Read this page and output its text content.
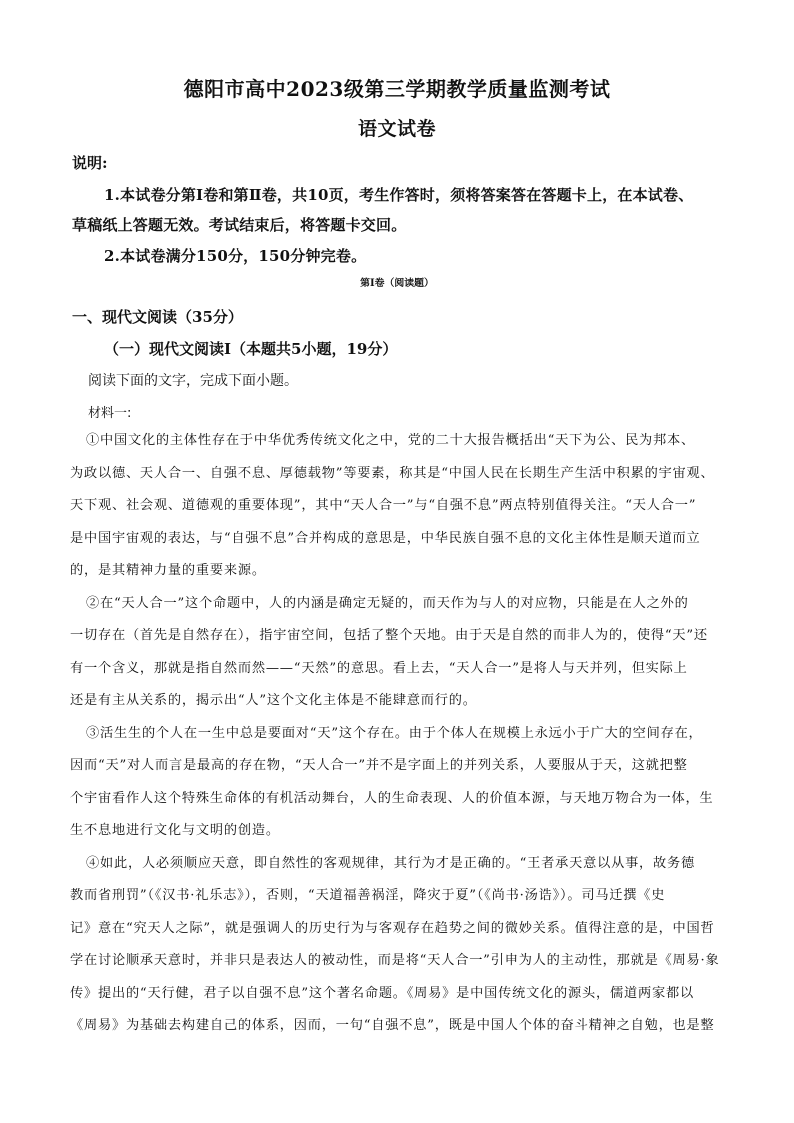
德阳市高中2023级第三学期教学质量监测考试
语文试卷
说明:
1.本试卷分第Ⅰ卷和第Ⅱ卷，共10页，考生作答时，须将答案答在答题卡上，在本试卷、
草稿纸上答题无效。考试结束后，将答题卡交回。
2.本试卷满分150分，150分钟完卷。
第Ⅰ卷（阅读题）
一、现代文阅读（35分）
（一）现代文阅读Ⅰ（本题共5小题，19分）
阅读下面的文字，完成下面小题。
材料一:
①中国文化的主体性存在于中华优秀传统文化之中，党的二十大报告概括出“天下为公、民为邦本、
为政以德、天人合一、自强不息、厚德载物”等要素，称其是“中国人民在长期生产生活中积累的宇宙观、
天下观、社会观、道德观的重要体现”，其中“天人合一”与“自强不息”两点特别值得关注。“天人合一”
是中国宇宙观的表达，与“自强不息”合并构成的意思是，中华民族自强不息的文化主体性是顺天道而立
的，是其精神力量的重要来源。
②在“天人合一”这个命题中，人的内涵是确定无疑的，而天作为与人的对应物，只能是在人之外的
一切存在（首先是自然存在），指宇宙空间，包括了整个天地。由于天是自然的而非人为的，使得“天”还
有一个含义，那就是指自然而然——“天然”的意思。看上去，“天人合一”是将人与天并列，但实际上
还是有主从关系的，揭示出“人”这个文化主体是不能肆意而行的。
③活生生的个人在一生中总是要面对“天”这个存在。由于个体人在规模上永远小于广大的空间存在，
因而“天”对人而言是最高的存在物，“天人合一”并不是字面上的并列关系，人要服从于天，这就把整
个宇宙看作人这个特殊生命体的有机活动舞台，人的生命表现、人的价值本源，与天地万物合为一体，生
生不息地进行文化与文明的创造。
④如此，人必须顺应天意，即自然性的客观规律，其行为才是正确的。“王者承天意以从事，故务德
教而省刑罚”（《汉书·礼乐志》），否则，“天道福善祸淫，降灾于夏”（《尚书·汤诰》）。司马迁撰《史
记》意在“究天人之际”，就是强调人的历史行为与客观存在趋势之间的微妙关系。值得注意的是，中国哲
学在讨论顺承天意时，并非只是表达人的被动性，而是将“天人合一”引申为人的主动性，那就是《周易·象
传》提出的“天行健，君子以自强不息”这个著名命题。《周易》是中国传统文化的源头，儒道两家都以
《周易》为基础去构建自己的体系，因而，一句“自强不息”，既是中国人个体的奋斗精神之自勉，也是整
